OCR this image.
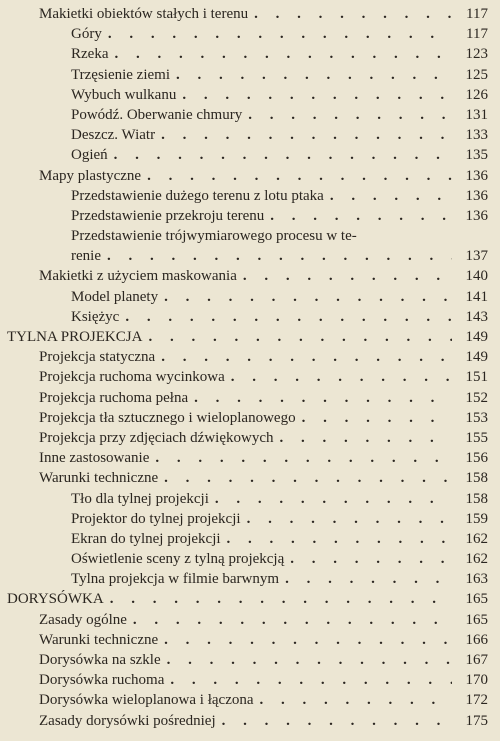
Makietki obiektów stałych i terenu . . .	117
Góry . . .	117
Rzeka . . .	123
Trzęsienie ziemi . . .	125
Wybuch wulkanu . . .	126
Powódź. Oberwanie chmury . . .	131
Deszcz. Wiatr . . .	133
Ogień . . .	135
Mapy plastyczne . . .	136
Przedstawienie dużego terenu z lotu ptaka . . .	136
Przedstawienie przekroju terenu . . .	136
Przedstawienie trójwymiarowego procesu w te-
renie . . .	137
Makietki z użyciem maskowania . . .	140
Model planety . . .	141
Księżyc . . .	143
TYLNA PROJEKCJA . . .	149
Projekcja statyczna . . .	149
Projekcja ruchoma wycinkowa . . .	151
Projekcja ruchoma pełna . . .	152
Projekcja tła sztucznego i wieloplanowego . . .	153
Projekcja przy zdjęciach dźwiękowych . . .	155
Inne zastosowanie . . .	156
Warunki techniczne . . .	158
Tło dla tylnej projekcji . . .	158
Projektor do tylnej projekcji . . .	159
Ekran do tylnej projekcji . . .	162
Oświetlenie sceny z tylną projekcją . . .	162
Tylna projekcja w filmie barwnym . . .	163
DORYSÓWKA . . .	165
Zasady ogólne . . .	165
Warunki techniczne . . .	166
Dorysówka na szkle . . .	167
Dorysówka ruchoma . . .	170
Dorysówka wieloplanowa i łączona . . .	172
Zasady dorysówki pośredniej . . .	175
